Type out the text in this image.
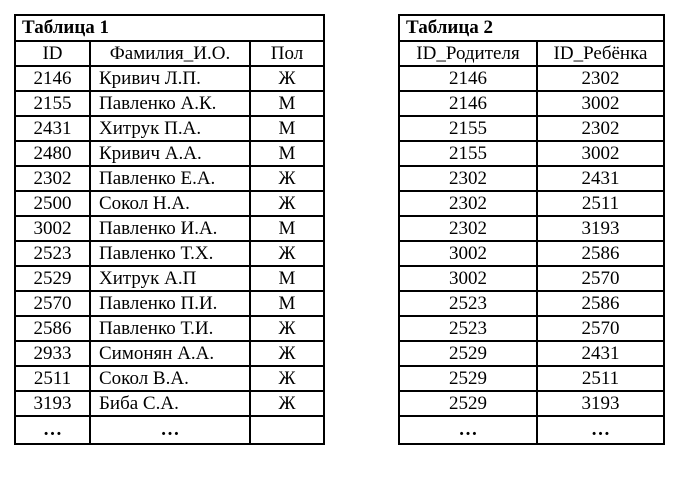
Таблица 1		
ID	Фамилия_И.О.	Пол
2146	Кривич Л.П.	Ж
2155	Павленко А.К.	М
2431	Хитрук П.А.	М
2480	Кривич А.А.	М
2302	Павленко Е.А.	Ж
2500	Сокол Н.А.	Ж
3002	Павленко И.А.	М
2523	Павленко Т.Х.	Ж
2529	Хитрук А.П	М
2570	Павленко П.И.	М
2586	Павленко Т.И.	Ж
2933	Симонян А.А.	Ж
2511	Сокол В.А.	Ж
3193	Биба С.А.	Ж
…	…	
Таблица 2	
ID_Родителя	ID_Ребёнка
2146	2302
2146	3002
2155	2302
2155	3002
2302	2431
2302	2511
2302	3193
3002	2586
3002	2570
2523	2586
2523	2570
2529	2431
2529	2511
2529	3193
…	…
